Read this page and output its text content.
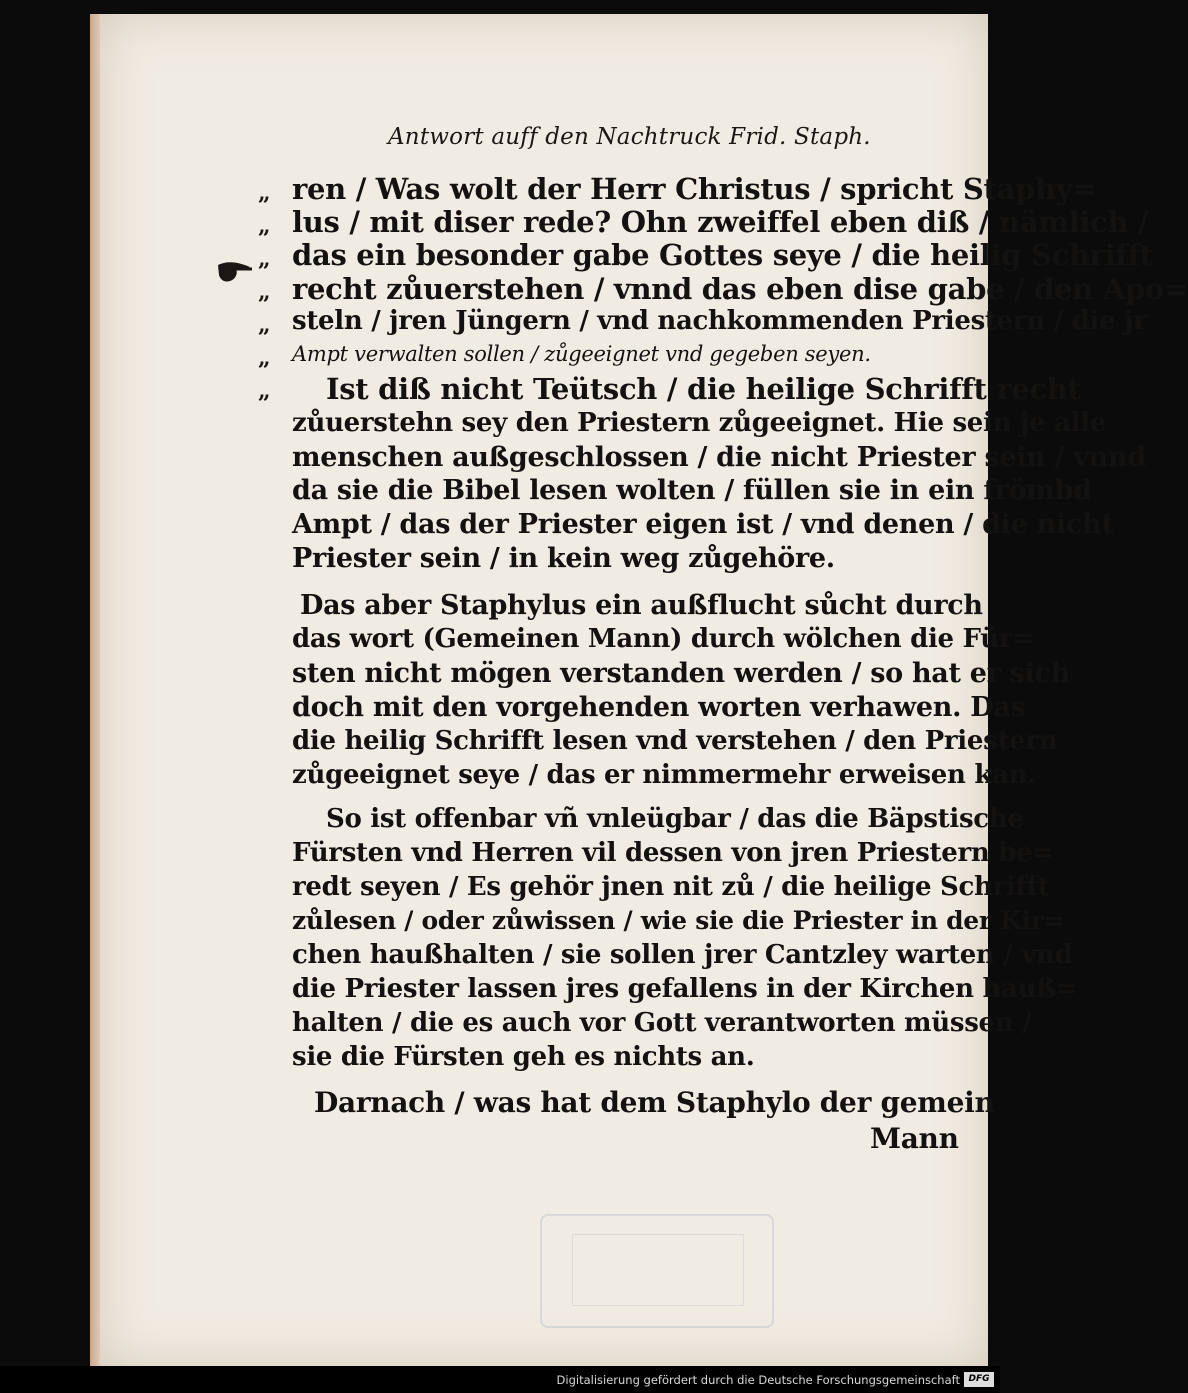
Antwort auff den Nachtruck Frid. Staph.
„
„
„
„
„
„
„
ren / Was wolt der Herr Christus / spricht Staphy=
lus / mit diser rede? Ohn zweiffel eben diß / nämlich /
das ein besonder gabe Gottes seye / die heilig Schrifft
recht zůuerstehen / vnnd das eben dise gabe / den Apo=
steln / jren Jüngern / vnd nachkommenden Priestern / die jr
Ampt verwalten sollen / zůgeeignet vnd gegeben seyen.
Ist diß nicht Teütsch / die heilige Schrifft recht
zůuerstehn sey den Priestern zůgeeignet. Hie sein je alle
menschen außgeschlossen / die nicht Priester sein / vnnd
da sie die Bibel lesen wolten / füllen sie in ein frömbd
Ampt / das der Priester eigen ist / vnd denen / die nicht
Priester sein / in kein weg zůgehöre.
Das aber Staphylus ein außflucht sůcht durch
das wort (Gemeinen Mann) durch wölchen die Für=
sten nicht mögen verstanden werden / so hat er sich
doch mit den vorgehenden worten verhawen. Das
die heilig Schrifft lesen vnd verstehen / den Priestern
zůgeeignet seye / das er nimmermehr erweisen kan.
So ist offenbar vñ vnleügbar / das die Bäpstische
Fürsten vnd Herren vil dessen von jren Priestern be=
redt seyen / Es gehör jnen nit zů / die heilige Schrifft
zůlesen / oder zůwissen / wie sie die Priester in der Kir=
chen haußhalten / sie sollen jrer Cantzley warten / vnd
die Priester lassen jres gefallens in der Kirchen hauß=
halten / die es auch vor Gott verantworten müssen /
sie die Fürsten geh es nichts an.
Darnach / was hat dem Staphylo der gemein
Mann
Digitalisierung gefördert durch die Deutsche Forschungsgemeinschaft DFG
